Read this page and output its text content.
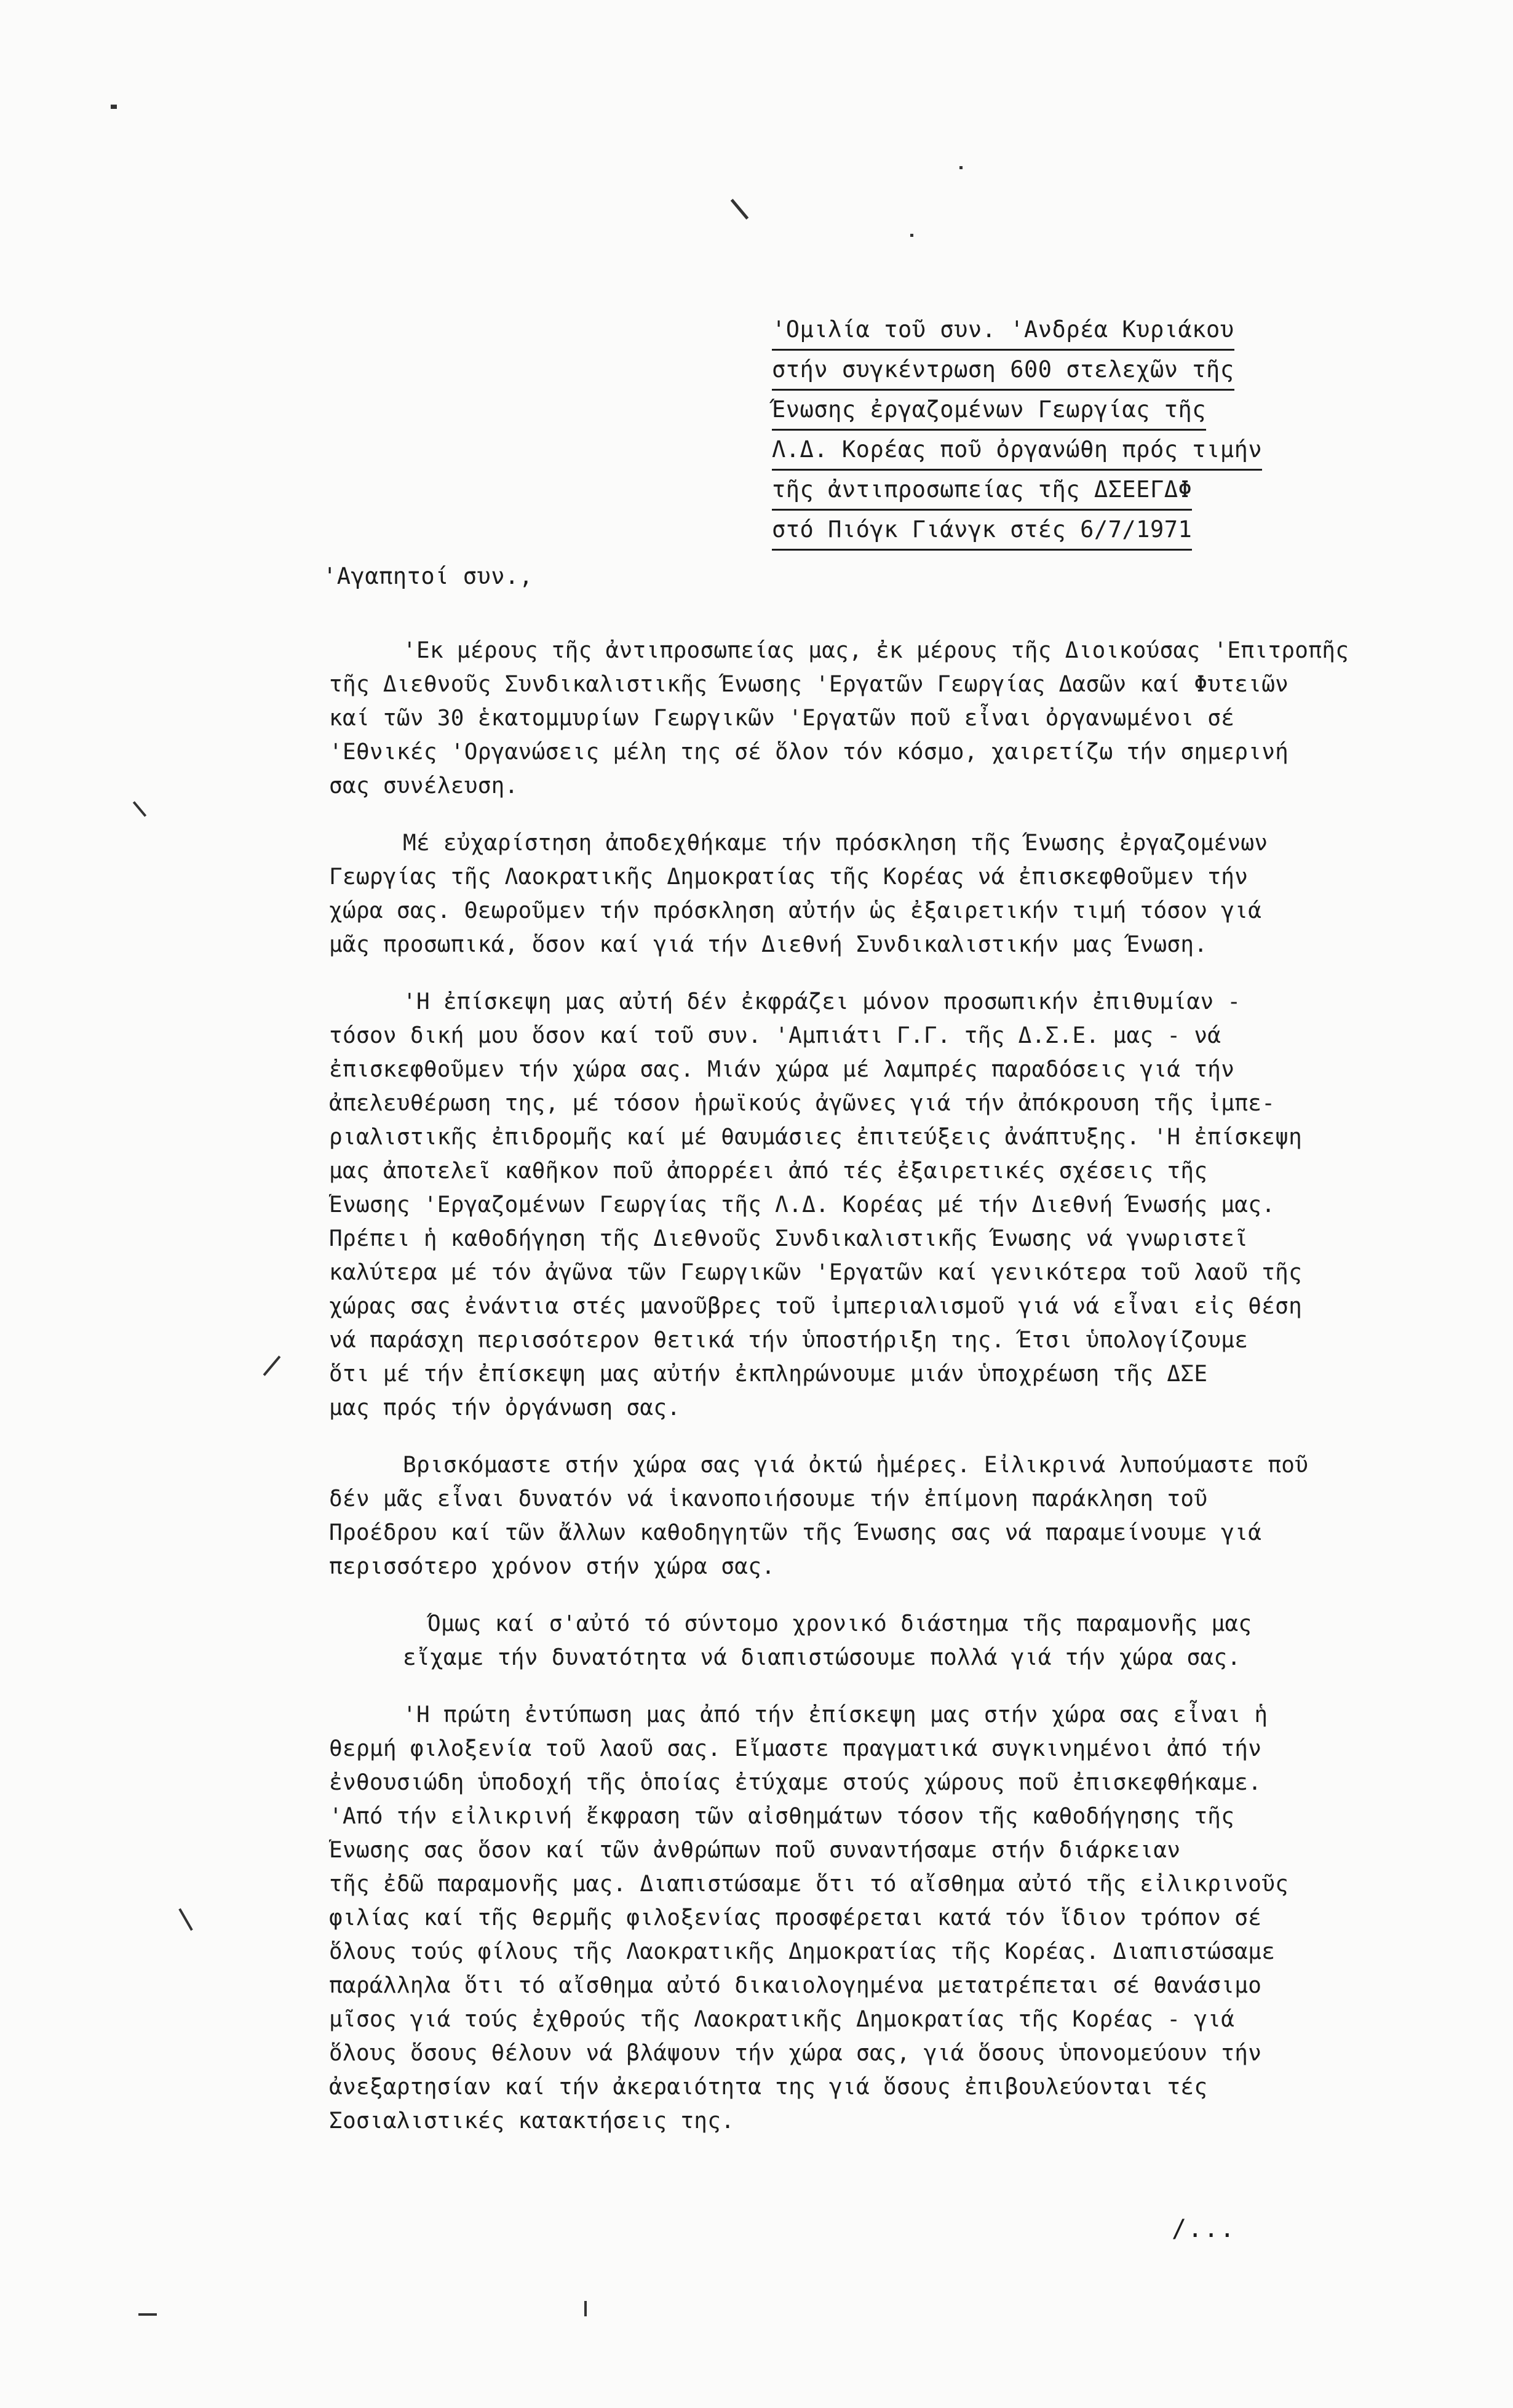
'Ομιλία τοῦ συν. 'Ανδρέα Κυριάκου
στήν συγκέντρωση 600 στελεχῶν τῆς
Ένωσης ἐργαζομένων Γεωργίας τῆς
Λ.Δ. Κορέας ποῦ ὀργανώθη πρός τιμήν
τῆς ἀντιπροσωπείας τῆς ΔΣΕΕΓΔΦ
στό Πιόγκ Γιάνγκ στές 6/7/1971
'Αγαπητοί συν.,
'Εκ μέρους τῆς ἀντιπροσωπείας μας, ἐκ μέρους τῆς Διοικούσας 'Επιτροπῆς
τῆς Διεθνοῦς Συνδικαλιστικῆς Ένωσης 'Εργατῶν Γεωργίας Δασῶν καί Φυτειῶν
καί τῶν 30 ἑκατομμυρίων Γεωργικῶν 'Εργατῶν ποῦ εἶναι ὀργανωμένοι σέ
'Εθνικές 'Οργανώσεις μέλη της σέ ὅλον τόν κόσμο, χαιρετίζω τήν σημερινή
σας συνέλευση.
Μέ εὐχαρίστηση ἀποδεχθήκαμε τήν πρόσκληση τῆς Ένωσης ἐργαζομένων
Γεωργίας τῆς Λαοκρατικῆς Δημοκρατίας τῆς Κορέας νά ἐπισκεφθοῦμεν τήν
χώρα σας. Θεωροῦμεν τήν πρόσκληση αὐτήν ὡς ἐξαιρετικήν τιμή τόσον γιά
μᾶς προσωπικά, ὅσον καί γιά τήν Διεθνή Συνδικαλιστικήν μας Ένωση.
'Η ἐπίσκεψη μας αὐτή δέν ἐκφράζει μόνον προσωπικήν ἐπιθυμίαν -
τόσον δική μου ὅσον καί τοῦ συν. 'Αμπιάτι Γ.Γ. τῆς Δ.Σ.Ε. μας - νά
ἐπισκεφθοῦμεν τήν χώρα σας. Μιάν χώρα μέ λαμπρές παραδόσεις γιά τήν
ἀπελευθέρωση της, μέ τόσον ἡρωϊκούς ἀγῶνες γιά τήν ἀπόκρουση τῆς ἰμπε-
ριαλιστικῆς ἐπιδρομῆς καί μέ θαυμάσιες ἐπιτεύξεις ἀνάπτυξης. 'Η ἐπίσκεψη
μας ἀποτελεῖ καθῆκον ποῦ ἀπορρέει ἀπό τές ἐξαιρετικές σχέσεις τῆς
Ένωσης 'Εργαζομένων Γεωργίας τῆς Λ.Δ. Κορέας μέ τήν Διεθνή Ένωσής μας.
Πρέπει ἡ καθοδήγηση τῆς Διεθνοῦς Συνδικαλιστικῆς Ένωσης νά γνωριστεῖ
καλύτερα μέ τόν ἀγῶνα τῶν Γεωργικῶν 'Εργατῶν καί γενικότερα τοῦ λαοῦ τῆς
χώρας σας ἐνάντια στές μανοῦβρες τοῦ ἰμπεριαλισμοῦ γιά νά εἶναι εἰς θέση
νά παράσχη περισσότερον θετικά τήν ὑποστήριξη της. Έτσι ὑπολογίζουμε
ὅτι μέ τήν ἐπίσκεψη μας αὐτήν ἐκπληρώνουμε μιάν ὑποχρέωση τῆς ΔΣΕ
μας πρός τήν ὀργάνωση σας.
Βρισκόμαστε στήν χώρα σας γιά ὀκτώ ἡμέρες. Εἰλικρινά λυπούμαστε ποῦ
δέν μᾶς εἶναι δυνατόν νά ἱκανοποιήσουμε τήν ἐπίμονη παράκληση τοῦ
Προέδρου καί τῶν ἄλλων καθοδηγητῶν τῆς Ένωσης σας νά παραμείνουμε γιά
περισσότερο χρόνον στήν χώρα σας.
Όμως καί σ'αὐτό τό σύντομο χρονικό διάστημα τῆς παραμονῆς μας
εἴχαμε τήν δυνατότητα νά διαπιστώσουμε πολλά γιά τήν χώρα σας.
'Η πρώτη ἐντύπωση μας ἀπό τήν ἐπίσκεψη μας στήν χώρα σας εἶναι ἡ
θερμή φιλοξενία τοῦ λαοῦ σας. Εἴμαστε πραγματικά συγκινημένοι ἀπό τήν
ἐνθουσιώδη ὑποδοχή τῆς ὁποίας ἐτύχαμε στούς χώρους ποῦ ἐπισκεφθήκαμε.
'Από τήν εἰλικρινή ἔκφραση τῶν αἰσθημάτων τόσον τῆς καθοδήγησης τῆς
Ένωσης σας ὅσον καί τῶν ἀνθρώπων ποῦ συναντήσαμε στήν διάρκειαν
τῆς ἐδῶ παραμονῆς μας. Διαπιστώσαμε ὅτι τό αἴσθημα αὐτό τῆς εἰλικρινοῦς
φιλίας καί τῆς θερμῆς φιλοξενίας προσφέρεται κατά τόν ἴδιον τρόπον σέ
ὅλους τούς φίλους τῆς Λαοκρατικῆς Δημοκρατίας τῆς Κορέας. Διαπιστώσαμε
παράλληλα ὅτι τό αἴσθημα αὐτό δικαιολογημένα μετατρέπεται σέ θανάσιμο
μῖσος γιά τούς ἐχθρούς τῆς Λαοκρατικῆς Δημοκρατίας τῆς Κορέας - γιά
ὅλους ὅσους θέλουν νά βλάψουν τήν χώρα σας, γιά ὅσους ὑπονομεύουν τήν
ἀνεξαρτησίαν καί τήν ἀκεραιότητα της γιά ὅσους ἐπιβουλεύονται τές
Σοσιαλιστικές κατακτήσεις της.
/...
